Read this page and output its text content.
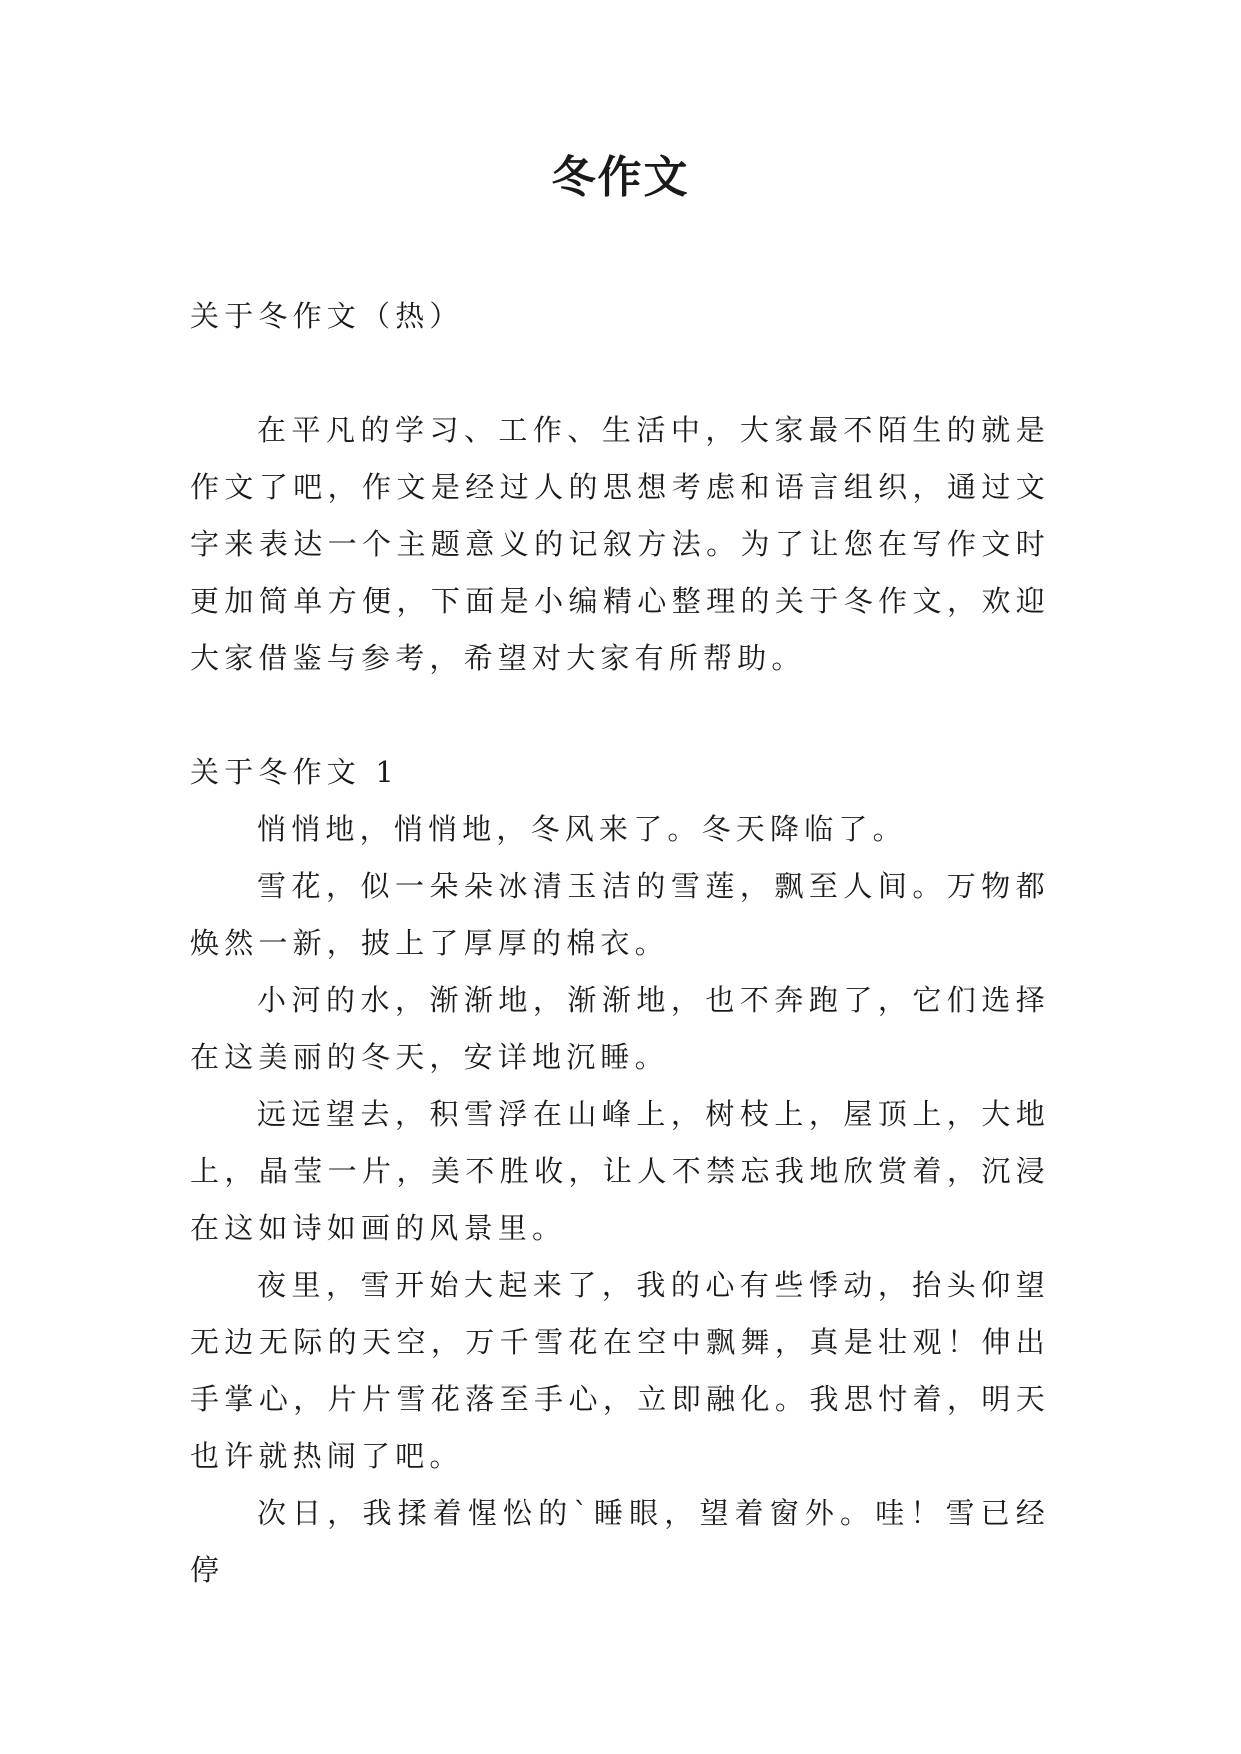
冬作文

关于冬作文（热）

在平凡的学习、工作、生活中，大家最不陌生的就是作文了吧，作文是经过人的思想考虑和语言组织，通过文字来表达一个主题意义的记叙方法。为了让您在写作文时更加简单方便，下面是小编精心整理的关于冬作文，欢迎大家借鉴与参考，希望对大家有所帮助。

关于冬作文 1

悄悄地，悄悄地，冬风来了。冬天降临了。

雪花，似一朵朵冰清玉洁的雪莲，飘至人间。万物都焕然一新，披上了厚厚的棉衣。

小河的水，渐渐地，渐渐地，也不奔跑了，它们选择在这美丽的冬天，安详地沉睡。

远远望去，积雪浮在山峰上，树枝上，屋顶上，大地上，晶莹一片，美不胜收，让人不禁忘我地欣赏着，沉浸在这如诗如画的风景里。

夜里，雪开始大起来了，我的心有些悸动，抬头仰望无边无际的天空，万千雪花在空中飘舞，真是壮观！伸出手掌心，片片雪花落至手心，立即融化。我思忖着，明天也许就热闹了吧。

次日，我揉着惺忪的`睡眼，望着窗外。哇！雪已经停
